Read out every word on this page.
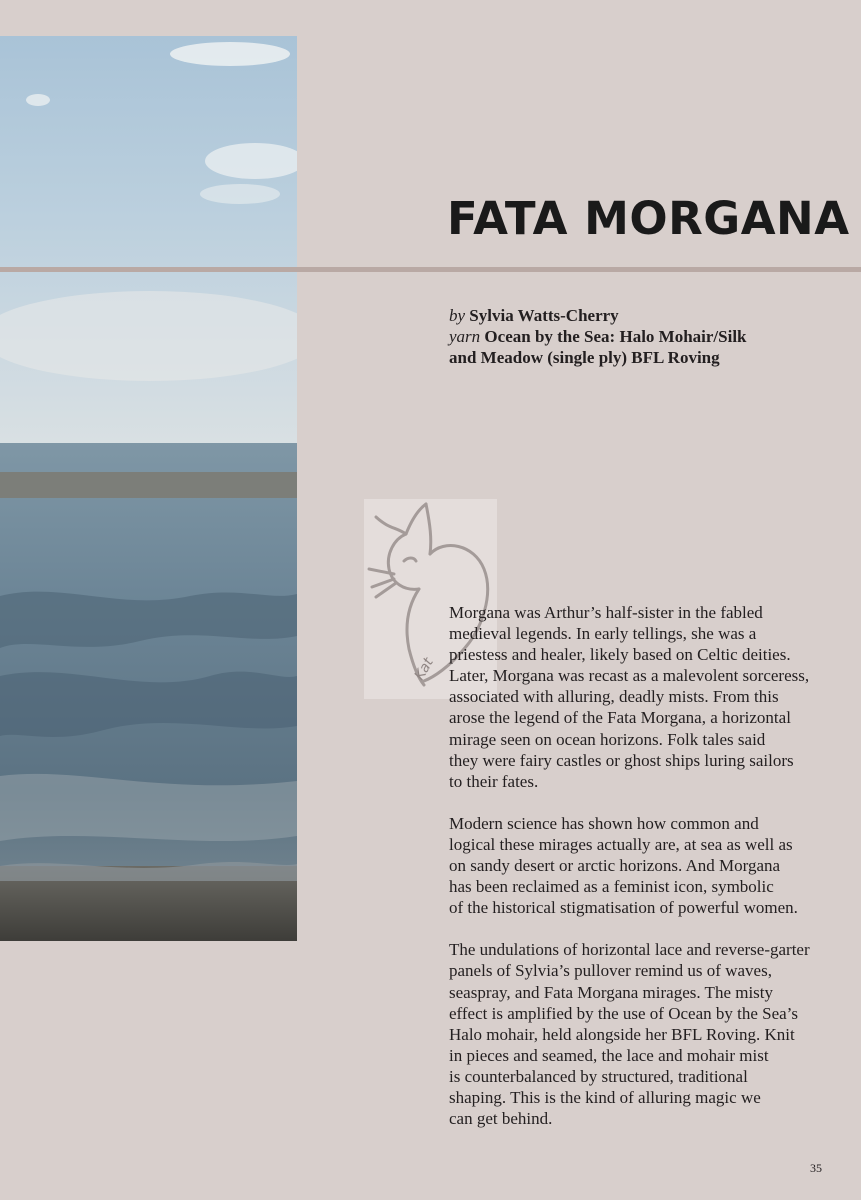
FATA MORGANA
by Sylvia Watts-Cherry
yarn Ocean by the Sea: Halo Mohair/Silk
and Meadow (single ply) BFL Roving
Kat

Morgana was Arthur’s half-sister in the fabled
medieval legends. In early tellings, she was a
priestess and healer, likely based on Celtic deities.
Later, Morgana was recast as a malevolent sorceress,
associated with alluring, deadly mists. From this
arose the legend of the Fata Morgana, a horizontal
mirage seen on ocean horizons. Folk tales said
they were fairy castles or ghost ships luring sailors
to their fates.

Modern science has shown how common and
logical these mirages actually are, at sea as well as
on sandy desert or arctic horizons. And Morgana
has been reclaimed as a feminist icon, symbolic
of the historical stigmatisation of powerful women.

The undulations of horizontal lace and reverse-garter
panels of Sylvia’s pullover remind us of waves,
seaspray, and Fata Morgana mirages. The misty
effect is amplified by the use of Ocean by the Sea’s
Halo mohair, held alongside her BFL Roving. Knit
in pieces and seamed, the lace and mohair mist
is counterbalanced by structured, traditional
shaping. This is the kind of alluring magic we
can get behind.

35
